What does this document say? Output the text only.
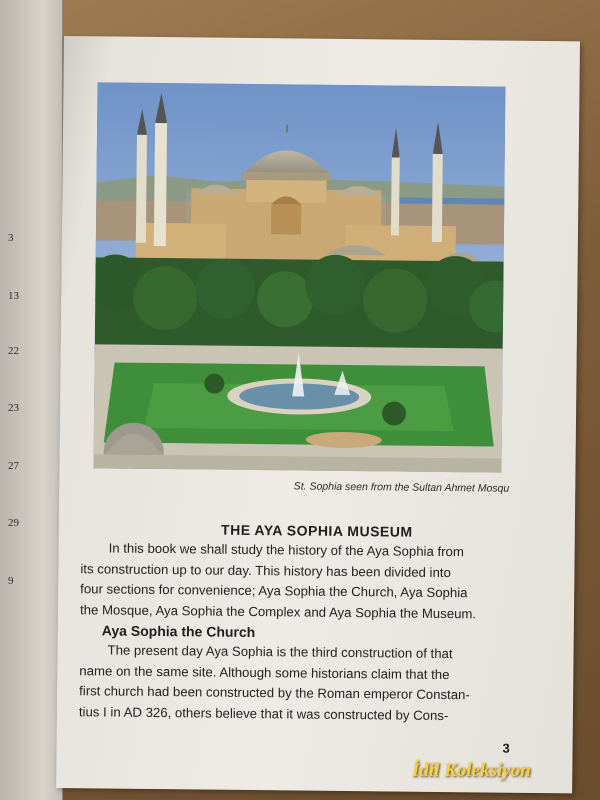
3
13
22
23
27
29
9
St. Sophia seen from the Sultan Ahmet Mosqu
THE AYA SOPHIA MUSEUM
In this book we shall study the history of the Aya Sophia from
its construction up to our day. This history has been divided into
four sections for convenience; Aya Sophia the Church, Aya Sophia
the Mosque, Aya Sophia the Complex and Aya Sophia the Museum.
Aya Sophia the Church
The present day Aya Sophia is the third construction of that
name on the same site. Although some historians claim that the
first church had been constructed by the Roman emperor Constan-
tius I in AD 326, others believe that it was constructed by Cons-
3
İdil Koleksiyon
